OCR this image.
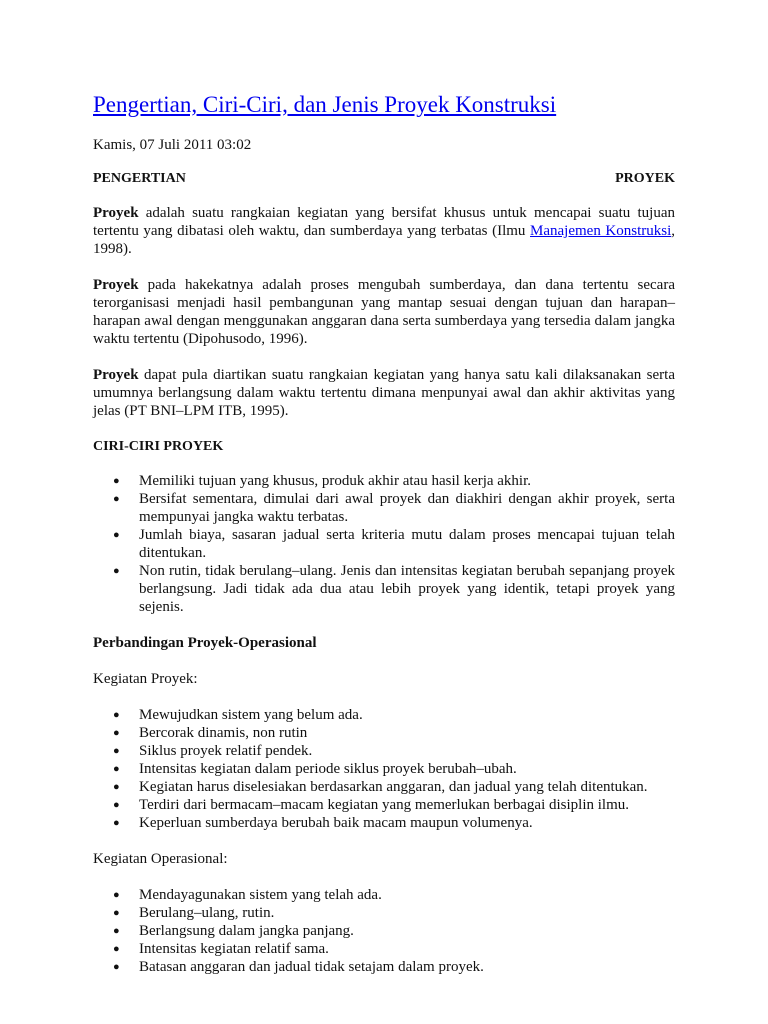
Pengertian, Ciri-Ciri, dan Jenis Proyek Konstruksi
Kamis, 07 Juli 2011 03:02
PENGERTIAN	PROYEK

Proyek adalah suatu rangkaian kegiatan yang bersifat khusus untuk mencapai suatu tujuan tertentu yang dibatasi oleh waktu, dan sumberdaya yang terbatas (Ilmu Manajemen Konstruksi, 1998).

Proyek pada hakekatnya adalah proses mengubah sumberdaya, dan dana tertentu secara terorganisasi menjadi hasil pembangunan yang mantap sesuai dengan tujuan dan harapan–harapan awal dengan menggunakan anggaran dana serta sumberdaya yang tersedia dalam jangka waktu tertentu (Dipohusodo, 1996).

Proyek dapat pula diartikan suatu rangkaian kegiatan yang hanya satu kali dilaksanakan serta umumnya berlangsung dalam waktu tertentu dimana menpunyai awal dan akhir aktivitas yang jelas (PT BNI–LPM ITB, 1995).

CIRI-CIRI PROYEK
● Memiliki tujuan yang khusus, produk akhir atau hasil kerja akhir.
● Bersifat sementara, dimulai dari awal proyek dan diakhiri dengan akhir proyek, serta mempunyai jangka waktu terbatas.
● Jumlah biaya, sasaran jadual serta kriteria mutu dalam proses mencapai tujuan telah ditentukan.
● Non rutin, tidak berulang–ulang. Jenis dan intensitas kegiatan berubah sepanjang proyek berlangsung. Jadi tidak ada dua atau lebih proyek yang identik, tetapi proyek yang sejenis.
Perbandingan Proyek-Operasional
Kegiatan Proyek:
● Mewujudkan sistem yang belum ada.
● Bercorak dinamis, non rutin
● Siklus proyek relatif pendek.
● Intensitas kegiatan dalam periode siklus proyek berubah–ubah.
● Kegiatan harus diselesiakan berdasarkan anggaran, dan jadual yang telah ditentukan.
● Terdiri dari bermacam–macam kegiatan yang memerlukan berbagai disiplin ilmu.
● Keperluan sumberdaya berubah baik macam maupun volumenya.
Kegiatan Operasional:
● Mendayagunakan sistem yang telah ada.
● Berulang–ulang, rutin.
● Berlangsung dalam jangka panjang.
● Intensitas kegiatan relatif sama.
● Batasan anggaran dan jadual tidak setajam dalam proyek.
